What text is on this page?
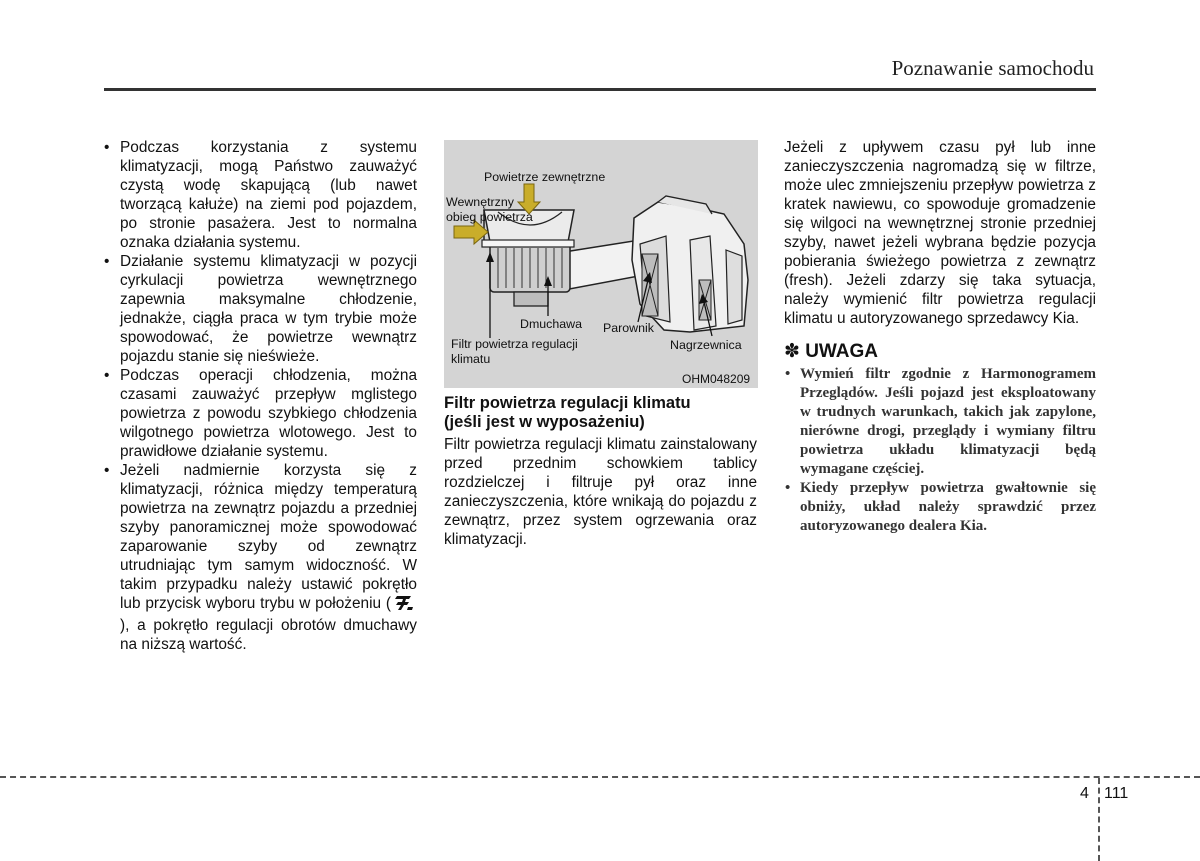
Poznawanie samochodu
• Podczas korzystania z systemu klimatyzacji, mogą Państwo zauważyć czystą wodę skapującą (lub nawet tworzącą kałuże) na ziemi pod pojazdem, po stronie pasażera. Jest to normalna oznaka działania systemu.
• Działanie systemu klimatyzacji w pozycji cyrkulacji powietrza wewnętrznego zapewnia maksymalne chłodzenie, jednakże, ciągła praca w tym trybie może spowodować, że powietrze wewnątrz pojazdu stanie się nieświeże.
• Podczas operacji chłodzenia, można czasami zauważyć przepływ mglistego powietrza z powodu szybkiego chłodzenia wilgotnego powietrza wlotowego. Jest to prawidłowe działanie systemu.
• Jeżeli nadmiernie korzysta się z klimatyzacji, różnica między temperaturą powietrza na zewnątrz pojazdu a przedniej szyby panoramicznej może spowodować zaparowanie szyby od zewnątrz utrudniając tym samym widoczność. W takim przypadku należy ustawić pokrętło lub przycisk wyboru trybu w położeniu (), a pokrętło regulacji obrotów dmuchawy na niższą wartość.
Powietrze zewnętrzne
Wewnętrzny
obieg powietrza
Dmuchawa Parownik
Filtr powietrza regulacji
klimatu
Nagrzewnica
OHM048209
Filtr powietrza regulacji klimatu
(jeśli jest w wyposażeniu)

Filtr powietrza regulacji klimatu zainstalowany przed przednim schowkiem tablicy rozdzielczej i filtruje pył oraz inne zanieczyszczenia, które wnikają do pojazdu z zewnątrz, przez system ogrzewania oraz klimatyzacji.

Jeżeli z upływem czasu pył lub inne zanieczyszczenia nagromadzą się w filtrze, może ulec zmniejszeniu przepływ powietrza z kratek nawiewu, co spowoduje gromadzenie się wilgoci na wewnętrznej stronie przedniej szyby, nawet jeżeli wybrana będzie pozycja pobierania świeżego powietrza z zewnątrz (fresh). Jeżeli zdarzy się taka sytuacja, należy wymienić filtr powietrza regulacji klimatu u autoryzowanego sprzedawcy Kia.

✽ UWAGA
• Wymień filtr zgodnie z Harmonogramem Przeglądów. Jeśli pojazd jest eksploatowany w trudnych warunkach, takich jak zapylone, nierówne drogi, przeglądy i wymiany filtru powietrza układu klimatyzacji będą wymagane częściej.
• Kiedy przepływ powietrza gwałtownie się obniży, układ należy sprawdzić przez autoryzowanego dealera Kia.
4 111
